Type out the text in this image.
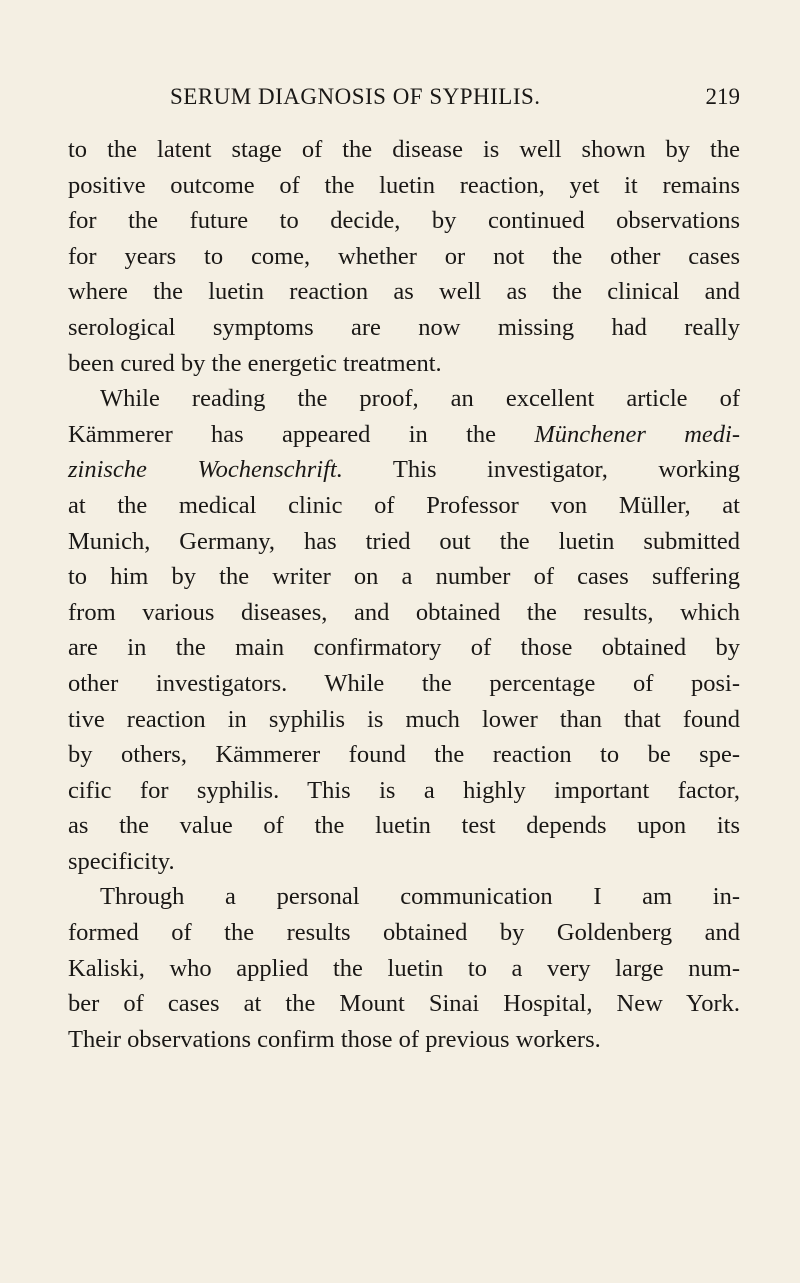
SERUM DIAGNOSIS OF SYPHILIS.	219
to the latent stage of the disease is well shown by the
positive outcome of the luetin reaction, yet it remains
for the future to decide, by continued observations
for years to come, whether or not the other cases
where the luetin reaction as well as the clinical and
serological symptoms are now missing had really
been cured by the energetic treatment.
While reading the proof, an excellent article of
Kämmerer has appeared in the Münchener medi-
zinische Wochenschrift. This investigator, working
at the medical clinic of Professor von Müller, at
Munich, Germany, has tried out the luetin submitted
to him by the writer on a number of cases suffering
from various diseases, and obtained the results, which
are in the main confirmatory of those obtained by
other investigators. While the percentage of posi-
tive reaction in syphilis is much lower than that found
by others, Kämmerer found the reaction to be spe-
cific for syphilis. This is a highly important factor,
as the value of the luetin test depends upon its
specificity.
Through a personal communication I am in-
formed of the results obtained by Goldenberg and
Kaliski, who applied the luetin to a very large num-
ber of cases at the Mount Sinai Hospital, New York.
Their observations confirm those of previous workers.
